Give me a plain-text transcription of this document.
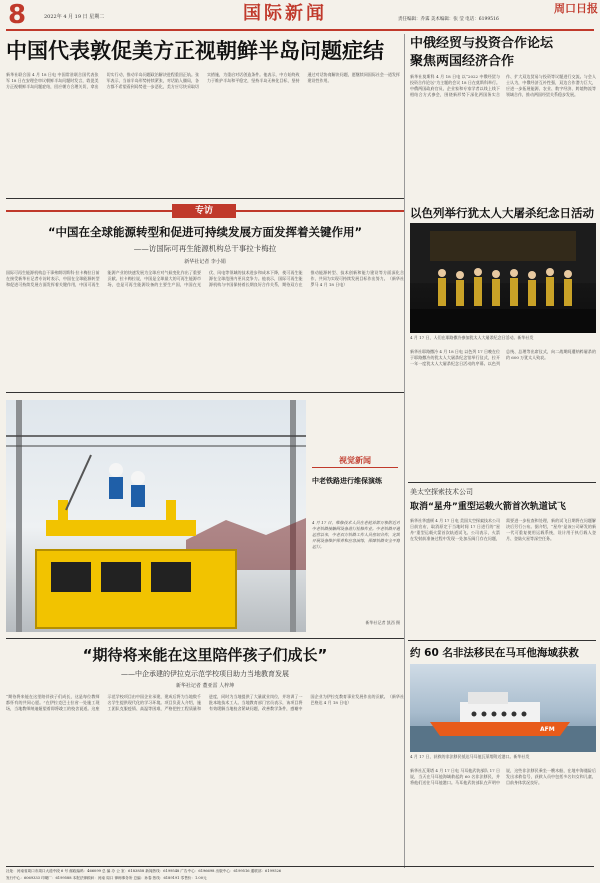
8	2022年 4 月 19 日 星期二	国际新闻	责任编辑：乔霁 美术编辑：张 莹 电话：6199516
周口日报
中国代表敦促美方正视朝鲜半岛问题症结
新华社联合国 4 月 18 日电 中国常驻联合国代表张军 18 日在安理会审议朝鲜半岛问题时发言，敦促美方正视朝鲜半岛问题症结，回应朝方合理关切，拿出切实行动，推动半岛问题政治解决进程重回正轨。张军表示，当前半岛形势持续紧张，对话陷入僵局，各方都不希望看到局势进一步恶化，美方应尽快采取切实措施，为重启对话创造条件。他表示，中方始终致力于维护半岛和平稳定，坚持半岛无核化目标，坚持通过对话协商解决问题，愿继续同国际社会一道发挥建设性作用。
中俄经贸与投资合作论坛
聚焦两国经济合作
新华社莫斯科 4 月 18 日电 以“2022 中俄经贸与投资合作论坛”为主题的会议 18 日在莫斯科举行。中俄两国政府官员、企业家和专家学者以线上线下相结合方式参会，围绕新形势下深化两国务实合作、扩大双边贸易与投资等议题进行交流。与会人士认为，中俄经济互补性强，双边合作潜力巨大，应进一步拓展能源、农业、数字经济、跨境物流等领域合作，推动两国经贸关系稳步发展。
专访
“中国在全球能源转型和促进可持续发展方面发挥着关键作用”
——访国际可再生能源机构总干事拉卡梅拉
新华社记者 李小娟
国际可再生能源机构总干事弗朗切斯科·拉卡梅拉日前在接受新华社记者专访时表示，中国在全球能源转型和促进可持续发展方面发挥着关键作用，中国可再生能源产业的快速发展为全球应对气候变化作出了重要贡献。拉卡梅拉说，中国是全球最大的可再生能源市场，也是可再生能源设备的主要生产国，中国在光伏、风电等领域的技术进步和成本下降，使可再生能源在全球范围内更具竞争力。他表示，国际可再生能源机构与中国保持着长期良好合作关系，期待双方在推动能源转型、技术创新和能力建设等方面深化合作，共同为实现可持续发展目标作出努力。（新华社罗马 4 月 18 日电）
以色列举行犹太人大屠杀纪念日活动
4 月 17 日，人们在耶路撒冷参加犹太人大屠杀纪念日活动。新华社发
新华社耶路撒冷 4 月 18 日电 以色列 17 日晚在位于耶路撒冷的犹太人大屠杀纪念馆举行仪式，拉开一年一度犹太人大屠杀纪念日活动的序幕。以色列总统、总理等出席仪式，向二战期间遭纳粹屠杀的约 600 万犹太人致哀。
视觉新闻
中老铁路进行维保演练
4 月 17 日，维修技术人员在老挝首都万象附近对中老铁路接触网设备进行检修作业。中老铁路开通运营以来，中老双方铁路工作人员密切合作，定期开展设备维护保养和应急演练，保障铁路安全平稳运行。
新华社记者 凯西 摄
美太空探索技术公司
取消“星舟”重型运载火箭首次轨道试飞
新华社华盛顿 4 月 17 日电 美国太空探索技术公司日前宣布，取消原定于当地时间 17 日进行的“星舟”重型运载火箭首次轨道试飞。公司表示，火箭在发射前准备过程中发现一处加压阀门存在问题，需要进一步检查和处理，新的试飞日期将在问题解决后另行公布。据介绍，“星舟”是该公司研发的新一代可重复使用运载系统，设计用于执行载人登月、登陆火星等深空任务。
约 60 名非法移民在马耳他海域获救
AFM
4 月 17 日，获救的非法移民抵达马耳他瓦莱塔附近港口。新华社发
新华社瓦莱塔 4 月 17 日电 马耳他武装部队 17 日说，当天在马耳他海域救起约 60 名非法移民，并将他们送往马耳他港口。马耳他武装部队在声明中说，这些非法移民乘坐一艘木船，在地中海遇险后发出求救信号，获救人员中包括多名妇女和儿童，目前身体状况良好。
“期待将来能在这里陪伴孩子们成长”
——中企承建的伊拉克示范学校项目助力当地教育发展
新华社记者 董亚雷 人梓坤
“期待将来能在这里陪伴孩子们成长，这是每位教师都怀有的共同心愿。”在伊拉克巴士拉省一处施工现场，当地教师纳迪娅望着即将竣工的校舍说道。这座示范学校项目由中国企业承建，建成后将为当地数千名学生提供现代化的学习环境。项目负责人介绍，施工团队克服疫情、高温等困难，严格把控工程质量和进度，同时为当地提供了大量就业岗位，并培训了一批本地技术工人。当地教育部门官员表示，该项目将有效缓解当地校舍紧缺问题，改善教学条件，感谢中国企业为伊拉克教育事业发展作出的贡献。（新华社巴格达 4 月 18 日电）
社址：河南省周口市周口大道中段 6 号 邮政编码：466099 总 编 办 公 室：6183858 新闻热线：6199548 广告中心：6196698 出版中心：6199516 通联部：6199526
发行中心：6069333 印刷厂：6199588 本报法律顾问：河南 周口 律师事务所 总编：孙春 热线：6189191 零售价：1.00元
